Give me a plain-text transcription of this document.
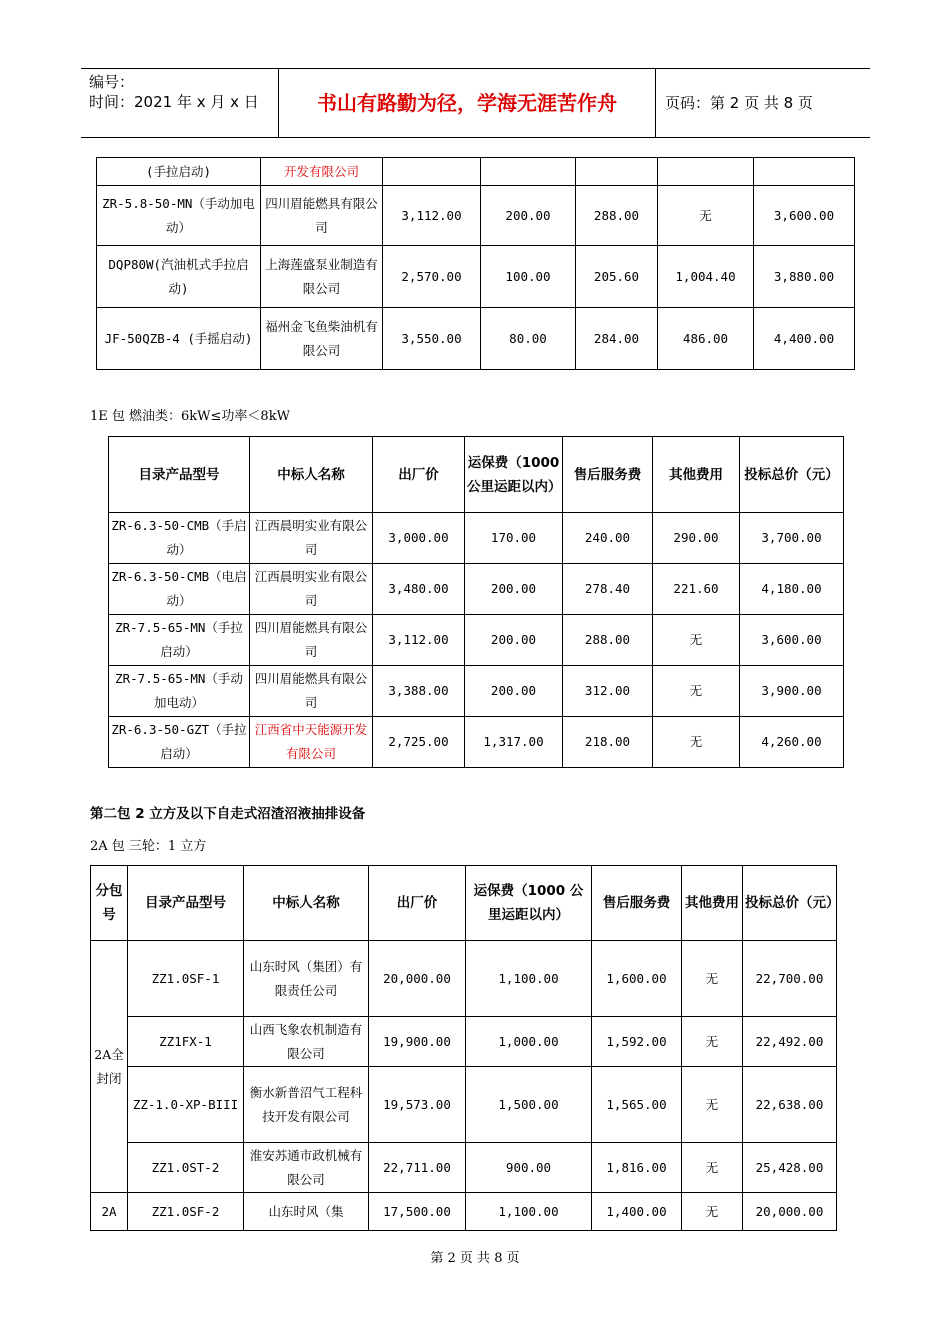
编号：
时间：2021 年 x 月 x 日	书山有路勤为径，学海无涯苦作舟	页码：第 2 页 共 8 页
(手拉启动)	开发有限公司					
ZR-5.8-50-MN（手动加电动）	四川眉能燃具有限公司	3,112.00	200.00	288.00	无	3,600.00
DQP80W(汽油机式手拉启动)	上海莲盛泵业制造有限公司	2,570.00	100.00	205.60	1,004.40	3,880.00
JF-50QZB-4 (手摇启动)	福州金飞鱼柴油机有限公司	3,550.00	80.00	284.00	486.00	4,400.00
1E 包 燃油类：6kW≤功率＜8kW
目录产品型号	中标人名称	出厂价	运保费（1000 公里运距以内）	售后服务费	其他费用	投标总价（元）
ZR-6.3-50-CMB（手启动）	江西晨明实业有限公司	3,000.00	170.00	240.00	290.00	3,700.00
ZR-6.3-50-CMB（电启动）	江西晨明实业有限公司	3,480.00	200.00	278.40	221.60	4,180.00
ZR-7.5-65-MN（手拉启动）	四川眉能燃具有限公司	3,112.00	200.00	288.00	无	3,600.00
ZR-7.5-65-MN（手动加电动）	四川眉能燃具有限公司	3,388.00	200.00	312.00	无	3,900.00
ZR-6.3-50-GZT（手拉启动）	江西省中天能源开发有限公司	2,725.00	1,317.00	218.00	无	4,260.00
第二包 2 立方及以下自走式沼渣沼液抽排设备
2A 包 三轮：1 立方
分包号	目录产品型号	中标人名称	出厂价	运保费（1000 公里运距以内）	售后服务费	其他费用	投标总价（元）
2A全封闭	ZZ1.0SF-1	山东时风（集团）有限责任公司	20,000.00	1,100.00	1,600.00	无	22,700.00
	ZZ1FX-1	山西飞象农机制造有限公司	19,900.00	1,000.00	1,592.00	无	22,492.00
	ZZ-1.0-XP-BIII	衡水新普沼气工程科技开发有限公司	19,573.00	1,500.00	1,565.00	无	22,638.00
	ZZ1.0ST-2	淮安苏通市政机械有限公司	22,711.00	900.00	1,816.00	无	25,428.00
2A	ZZ1.0SF-2	山东时风（集	17,500.00	1,100.00	1,400.00	无	20,000.00
第 2 页 共 8 页
